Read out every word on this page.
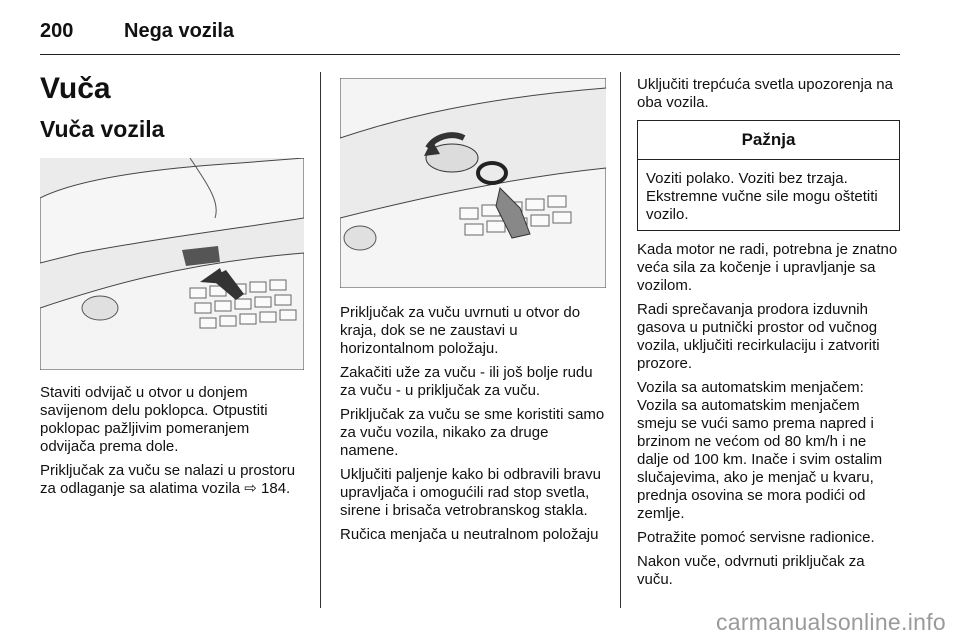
200	Nega vozila
Vuča
Vuča vozila

Staviti odvijač u otvor u donjem savijenom delu poklopca. Otpustiti poklopac pažljivim pomeranjem odvijača prema dole.

Priključak za vuču se nalazi u prostoru za odlaganje sa alatima vozila ⇨ 184.

Priključak za vuču uvrnuti u otvor do kraja, dok se ne zaustavi u horizontalnom položaju.

Zakačiti uže za vuču - ili još bolje rudu za vuču - u priključak za vuču.

Priključak za vuču se sme koristiti samo za vuču vozila, nikako za druge namene.

Uključiti paljenje kako bi odbravili bravu upravljača i omogućili rad stop svetla, sirene i brisača vetrobranskog stakla.

Ručica menjača u neutralnom položaju

Uključiti trepćuća svetla upozorenja na oba vozila.

Pažnja
Voziti polako. Voziti bez trzaja. Ekstremne vučne sile mogu oštetiti vozilo.

Kada motor ne radi, potrebna je znatno veća sila za kočenje i upravljanje sa vozilom.

Radi sprečavanja prodora izduvnih gasova u putnički prostor od vučnog vozila, uključiti recirkulaciju i zatvoriti prozore.

Vozila sa automatskim menjačem: Vozila sa automatskim menjačem smeju se vući samo prema napred i brzinom ne većom od 80 km/h i ne dalje od 100 km. Inače i svim ostalim slučajevima, ako je menjač u kvaru, prednja osovina se mora podići od zemlje.

Potražite pomoć servisne radionice.

Nakon vuče, odvrnuti priključak za vuču.

carmanualsonline.info
